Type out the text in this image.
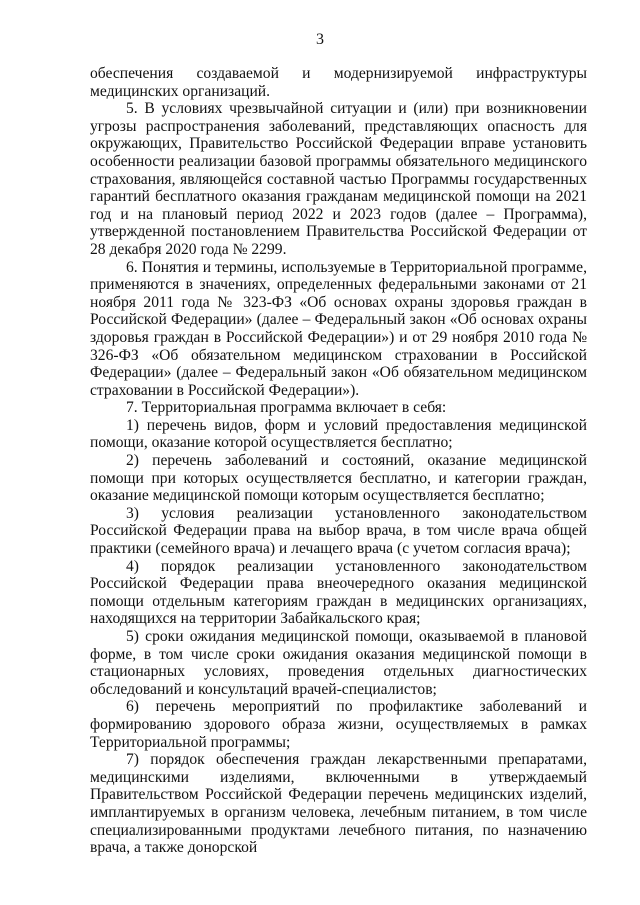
3

обеспечения создаваемой и модернизируемой инфраструктуры медицинских организаций.

5. В условиях чрезвычайной ситуации и (или) при возникновении угрозы распространения заболеваний, представляющих опасность для окружающих, Правительство Российской Федерации вправе установить особенности реализации базовой программы обязательного медицинского страхования, являющейся составной частью Программы государственных гарантий бесплатного оказания гражданам медицинской помощи на 2021 год и на плановый период 2022 и 2023 годов (далее – Программа), утвержденной постановлением Правительства Российской Федерации от 28 декабря 2020 года № 2299.

6. Понятия и термины, используемые в Территориальной программе, применяются в значениях, определенных федеральными законами от 21 ноября 2011 года № 323-ФЗ «Об основах охраны здоровья граждан в Российской Федерации» (далее – Федеральный закон «Об основах охраны здоровья граждан в Российской Федерации») и от 29 ноября 2010 года № 326-ФЗ «Об обязательном медицинском страховании в Российской Федерации» (далее – Федеральный закон «Об обязательном медицинском страховании в Российской Федерации»).

7. Территориальная программа включает в себя:

1) перечень видов, форм и условий предоставления медицинской помощи, оказание которой осуществляется бесплатно;

2) перечень заболеваний и состояний, оказание медицинской помощи при которых осуществляется бесплатно, и категории граждан, оказание медицинской помощи которым осуществляется бесплатно;

3) условия реализации установленного законодательством Российской Федерации права на выбор врача, в том числе врача общей практики (семейного врача) и лечащего врача (с учетом согласия врача);

4) порядок реализации установленного законодательством Российской Федерации права внеочередного оказания медицинской помощи отдельным категориям граждан в медицинских организациях, находящихся на территории Забайкальского края;

5) сроки ожидания медицинской помощи, оказываемой в плановой форме, в том числе сроки ожидания оказания медицинской помощи в стационарных условиях, проведения отдельных диагностических обследований и консультаций врачей-специалистов;

6) перечень мероприятий по профилактике заболеваний и формированию здорового образа жизни, осуществляемых в рамках Территориальной программы;

7) порядок обеспечения граждан лекарственными препаратами, медицинскими изделиями, включенными в утверждаемый Правительством Российской Федерации перечень медицинских изделий, имплантируемых в организм человека, лечебным питанием, в том числе специализированными продуктами лечебного питания, по назначению врача, а также донорской
